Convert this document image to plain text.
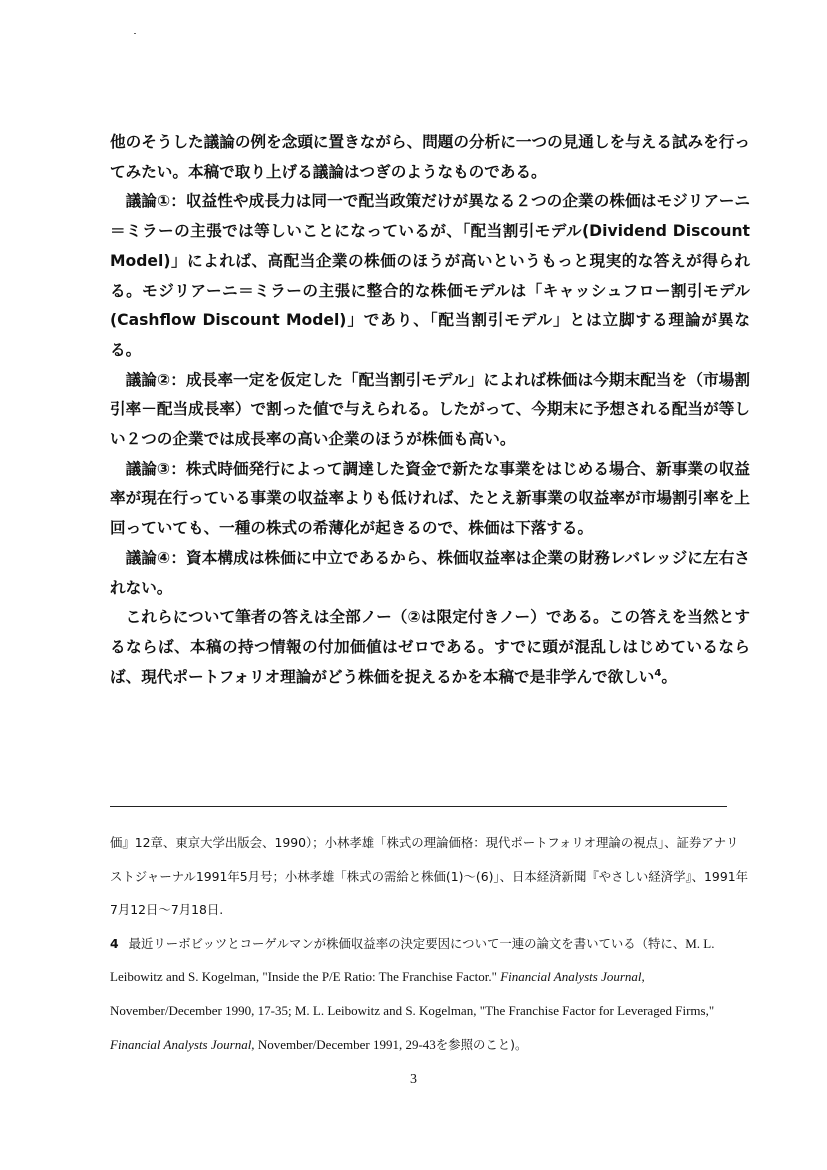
他のそうした議論の例を念頭に置きながら、問題の分析に一つの見通しを与える試みを行ってみたい。本稿で取り上げる議論はつぎのようなものである。

議論①：収益性や成長力は同一で配当政策だけが異なる２つの企業の株価はモジリアーニ＝ミラーの主張では等しいことになっているが、「配当割引モデル(Dividend Discount Model)」によれば、高配当企業の株価のほうが高いというもっと現実的な答えが得られる。モジリアーニ＝ミラーの主張に整合的な株価モデルは「キャッシュフロー割引モデル(Cashflow Discount Model)」であり、「配当割引モデル」とは立脚する理論が異なる。

議論②：成長率一定を仮定した「配当割引モデル」によれば株価は今期末配当を（市場割引率－配当成長率）で割った値で与えられる。したがって、今期末に予想される配当が等しい２つの企業では成長率の高い企業のほうが株価も高い。

議論③：株式時価発行によって調達した資金で新たな事業をはじめる場合、新事業の収益率が現在行っている事業の収益率よりも低ければ、たとえ新事業の収益率が市場割引率を上回っていても、一種の株式の希薄化が起きるので、株価は下落する。

議論④：資本構成は株価に中立であるから、株価収益率は企業の財務レバレッジに左右されない。

これらについて筆者の答えは全部ノー（②は限定付きノー）である。この答えを当然とするならば、本稿の持つ情報の付加価値はゼロである。すでに頭が混乱しはじめているならば、現代ポートフォリオ理論がどう株価を捉えるかを本稿で是非学んで欲しい$^4$。

価』12章、東京大学出版会、1990）；小林孝雄「株式の理論価格：現代ポートフォリオ理論の視点」、証券アナリストジャーナル1991年5月号；小林孝雄「株式の需給と株価(1)～(6)」、日本経済新聞『やさしい経済学』、1991年7月12日～7月18日.

4 最近リーボビッツとコーゲルマンが株価収益率の決定要因について一連の論文を書いている（特に、M. L. Leibowitz and S. Kogelman, "Inside the P/E Ratio: The Franchise Factor." Financial Analysts Journal, November/December 1990, 17-35; M. L. Leibowitz and S. Kogelman, "The Franchise Factor for Leveraged Firms," Financial Analysts Journal, November/December 1991, 29-43を参照のこと)。

3
